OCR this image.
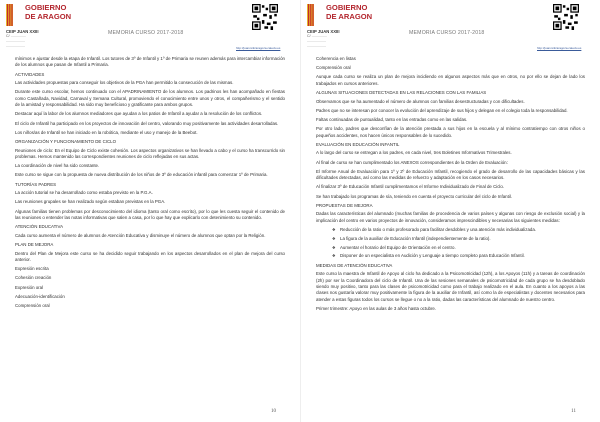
GOBIERNO
DE ARAGON
CEIP JUAN XXIII
C/ ...............
...................
...................
MEMORIA CURSO 2017-2018
http://juanxxiiizaragoza.catedu.es

mínimos e ajustar desde la etapa de Infantil. Los tutores de 3º de Infantil y 1º de Primaria se reunen además para intercambiar información de los alumnos que pasan de Infantil a Primaria.

ACTIVIDADES

Las actividades propuestas para conseguir los objetivos de la PGA han permitido la consecución de las mismas.

Durante este curso escolar, hemos continuado con el APADRINAMIENTO de los alumnos. Los padrinos les han acompañado en fiestas como Castañada, Navidad, Carnaval y Semana Cultural, promoviendo el conocimiento entre unos y otros, el compañerismo y el sentido de la amistad y responsabilidad. Ha sido muy beneficioso y gratificante para ambos grupos.

Destacar aquí la labor de los alumnos mediadores que ayudan a los patios de Infantil a ayudar a la resolución de los conflictos.

El ciclo de Infantil ha participado en los proyectos de innovación del centro, valorando muy positivamente las actividades desarrolladas.

Los niños/as de Infantil se han iniciado en la robótica, mediante el uso y manejo de la Beebot.

ORGANIZACIÓN Y FUNCIONAMIENTO DE CICLO

Reuniones de ciclo: En el Equipo de Ciclo existe cohesión. Los aspectos organizativos se han llevado a cabo y el curso ha transcurrido sin problemas. Hemos mantenido las correspondientes reuniones de ciclo reflejadas en sus actas.

La coordinación de nivel ha sido constante.

Este curso se sigue con la propuesta de nueva distribución de los niños de 3º de educación infantil para comenzar 1º de Primaria.

TUTORÍAS PADRES

La acción tutorial se ha desarrollado como estaba previsto en la P.G.A.

Las reuniones grupales se han realizado según estaban previstas en la PGA.

Algunas familias tienen problemas por desconocimiento del idioma (tanto oral como escrito), por lo que les cuesta seguir el contenido de las reuniones o entender las notas informativas que salen a casa, por lo que hay que explicarlo con detenimiento su contenido.

ATENCIÓN EDUCATIVA

Cada curso aumenta el número de alumnos de Atención Educativa y disminuye el número de alumnos que optan por la Religión.

PLAN DE MEJORA

Dentro del Plan de Mejora este curso se ha decidido seguir trabajando en los aspectos desarrollados en el plan de mejora del curso anterior.

Expresión escrita

Cohesión creación

Expresión oral

Adecuación-identificación

Comprensión oral

10
GOBIERNO
DE ARAGON
CEIP JUAN XXIII
C/ ...............
...................
...................
MEMORIA CURSO 2017-2018
http://juanxxiiizaragoza.catedu.es

Coherencia en listas

Comprensión oral

Aunque cada curso se realiza un plan de mejora incidiendo en algunos aspectos más que en otros, no por ello se dejan de lado los trabajados en cursos anteriores.

ALGUNAS SITUACIONES DETECTADAS EN LAS RELACIONES CON LAS FAMILIAS

Observamos que se ha aumentado el número de alumnos con familias desestructuradas y con dificultades.

Padres que no se interesan por conocer la evolución del aprendizaje de sus hijos y delegan en el colegio toda la responsabilidad.

Faltas continuadas de puntualidad, tanto en las entradas como en las salidas.

Por otro lado, padres que desconfían de la atención prestada a sus hijos en la escuela y al mínimo contratiempo con otros niños o pequeños accidentes, nos hacen únicos responsables de lo sucedido.

EVALUACIÓN EN EDUCACIÓN INFANTIL

A lo largo del curso se entregan a los padres, en cada nivel, tres Boletines Informativos Trimestrales.

Al final de curso se han cumplimentado los ANEXOS correspondientes de la Orden de Evaluación:

El Informe Anual de Evaluación para 1º y 2º de Educación Infantil, recogiendo el grado de desarrollo de las capacidades básicas y las dificultades detectadas, así como las medidas de refuerzo y adaptación en los casos necesarios.

Al finalizar 3º de Educación Infantil cumplimentamos el Informe Individualizado de Final de Ciclo.

Se han trabajado los programas de sía, teniendo en cuenta el proyecto curricular del ciclo de Infantil.

PROPUESTAS DE MEJORA

Dadas las características del alumnado (muchas familias de procedencia de varios países y algunas con riesgo de exclusión social) y la implicación del centro en varios proyectos de innovación, consideramos imprescindibles y necesarias las siguientes medidas:

❖ Reducción de la ratio o más profesorado para facilitar desdobles y una atención más individualizada.
❖ La figura de la auxiliar de Educación Infantil (independientemente de la ratio).
❖ Aumentar el horario del Equipo de Orientación en el centro.
❖ Disponer de un especialista en Audición y Lenguaje a tiempo completo para Educación Infantil.

MEDIDAS DE ATENCIÓN EDUCATIVA

Este curso la maestra de Infantil de Apoyo al ciclo ha dedicado a la Psicomotricidad (12h), a los Apoyos (11h) y a tareas de coordinación (2h) por ser la Coordinadora del ciclo de Infantil. Una de las sesiones semanales de psicomotricidad de cada grupo se ha desdoblado siendo muy positivo, tanto para las clases de psicomotricidad como para el trabajo realizado en el aula. En cuanto a los apoyos a las clases nos gustaría valorar muy positivamente la figura de la auxiliar de Infantil, así como la de especialistas y docentes necesarios para atender a estas figuras todos los cursos se llegue o no a la ratio, dadas las características del alumnado de nuestro centro.

Primer trimestre: Apoyo en las aulas de 3 años hasta octubre.

11
